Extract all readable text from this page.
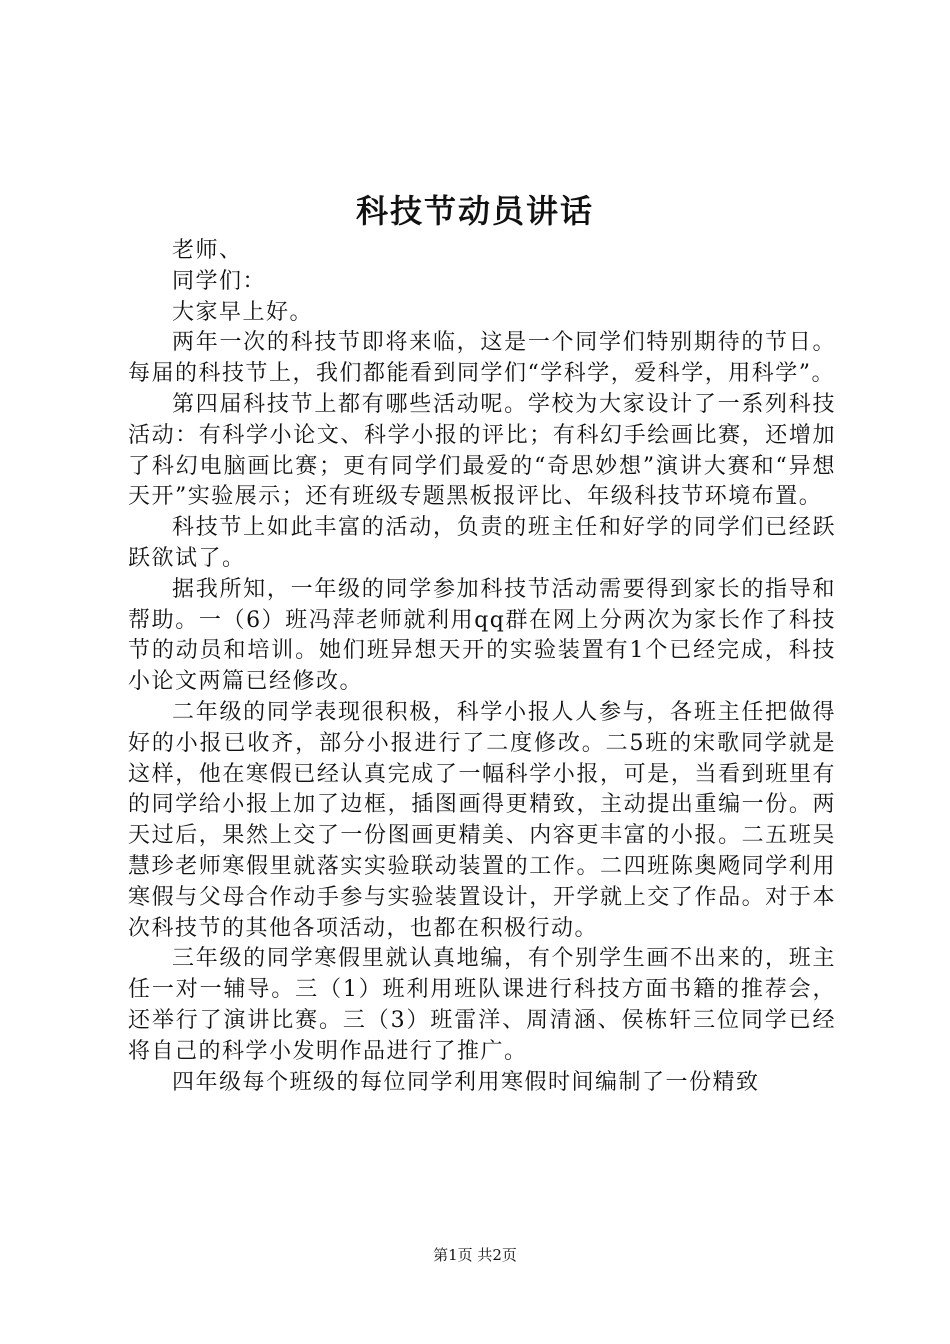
科技节动员讲话

老师、

同学们：

大家早上好。

两年一次的科技节即将来临，这是一个同学们特别期待的节日。每届的科技节上，我们都能看到同学们“学科学，爱科学，用科学”。

第四届科技节上都有哪些活动呢。学校为大家设计了一系列科技活动：有科学小论文、科学小报的评比；有科幻手绘画比赛，还增加了科幻电脑画比赛；更有同学们最爱的“奇思妙想”演讲大赛和“异想天开”实验展示；还有班级专题黑板报评比、年级科技节环境布置。

科技节上如此丰富的活动，负责的班主任和好学的同学们已经跃跃欲试了。

据我所知，一年级的同学参加科技节活动需要得到家长的指导和帮助。一（6）班冯萍老师就利用qq群在网上分两次为家长作了科技节的动员和培训。她们班异想天开的实验装置有1个已经完成，科技小论文两篇已经修改。

二年级的同学表现很积极，科学小报人人参与，各班主任把做得好的小报已收齐，部分小报进行了二度修改。二5班的宋歌同学就是这样，他在寒假已经认真完成了一幅科学小报，可是，当看到班里有的同学给小报上加了边框，插图画得更精致，主动提出重编一份。两天过后，果然上交了一份图画更精美、内容更丰富的小报。二五班吴慧珍老师寒假里就落实实验联动装置的工作。二四班陈奥飏同学利用寒假与父母合作动手参与实验装置设计，开学就上交了作品。对于本次科技节的其他各项活动，也都在积极行动。

三年级的同学寒假里就认真地编，有个别学生画不出来的，班主任一对一辅导。三（1）班利用班队课进行科技方面书籍的推荐会，还举行了演讲比赛。三（3）班雷洋、周清涵、侯栋轩三位同学已经将自己的科学小发明作品进行了推广。

四年级每个班级的每位同学利用寒假时间编制了一份精致

第1页 共2页
